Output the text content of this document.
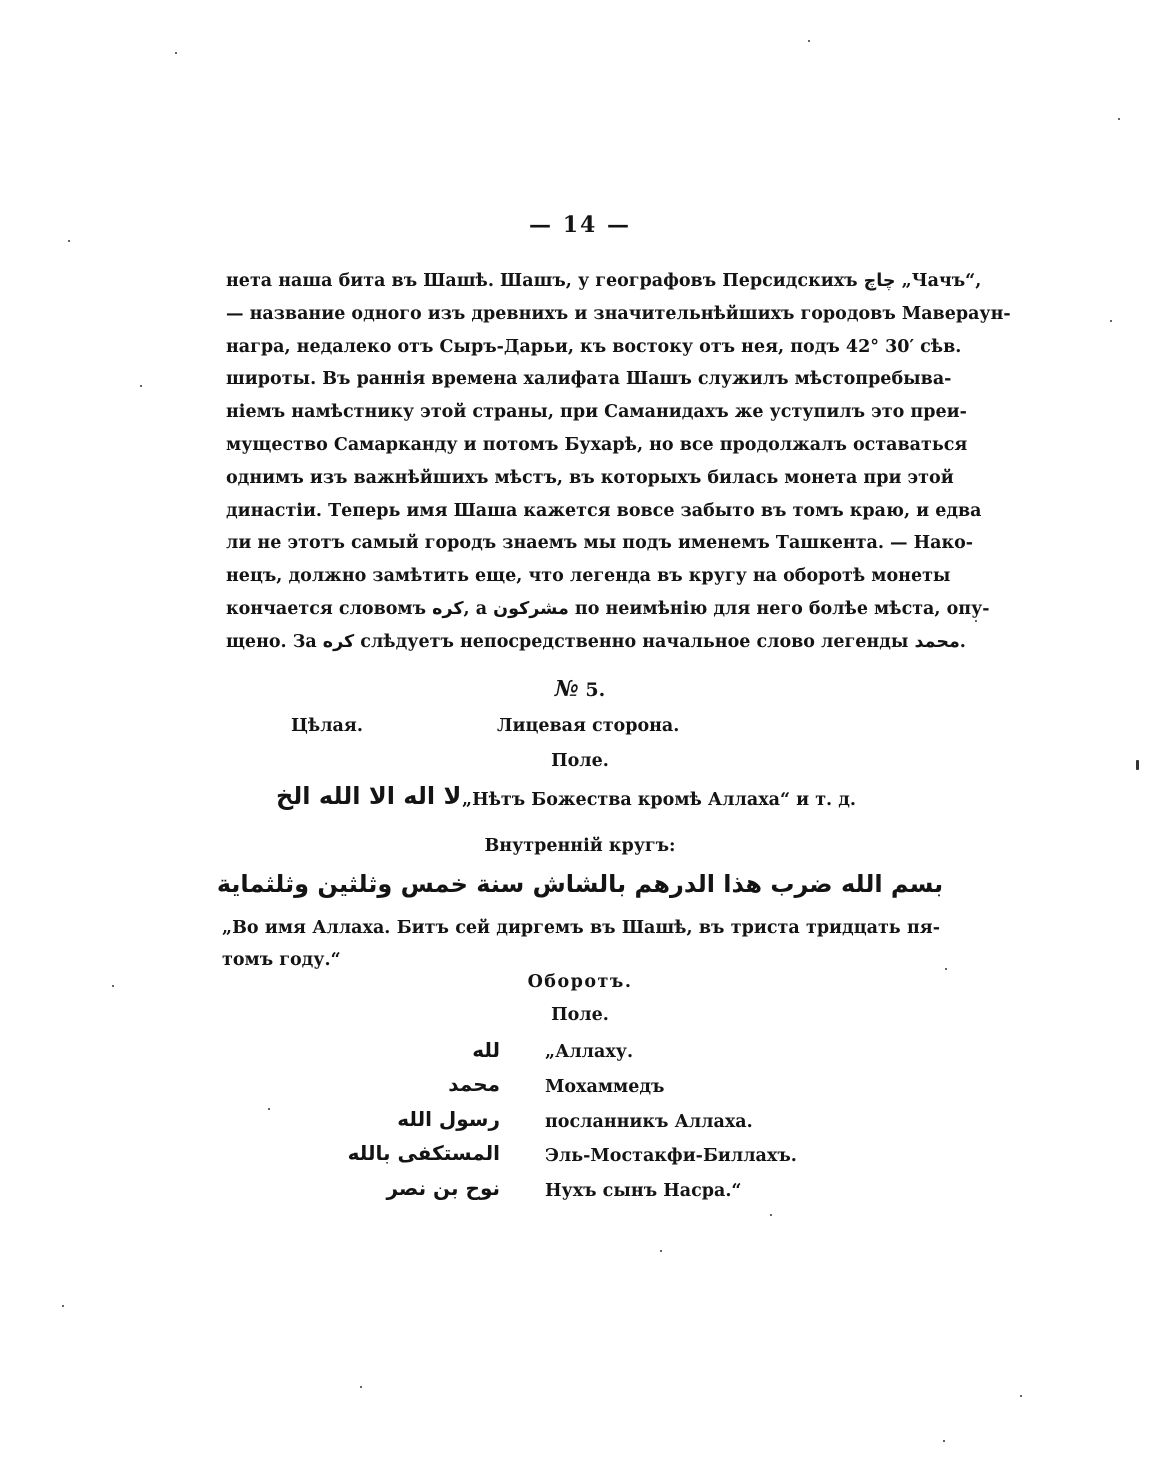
— 14 —
нета наша бита въ Шашѣ. Шашъ, у географовъ Персидскихъ چاچ „Чачъ“,
— название одного изъ древнихъ и значительнѣйшихъ городовъ Мавераун-
награ, недалеко отъ Сыръ-Дарьи, къ востоку отъ нея, подъ 42° 30′ сѣв.
широты. Въ раннія времена халифата Шашъ служилъ мѣстопребыва-
ніемъ намѣстнику этой страны, при Саманидахъ же уступилъ это преи-
мущество Самарканду и потомъ Бухарѣ, но все продолжалъ оставаться
однимъ изъ важнѣйшихъ мѣстъ, въ которыхъ билась монета при этой
династіи. Теперь имя Шаша кажется вовсе забыто въ томъ краю, и едва
ли не этотъ самый городъ знаемъ мы подъ именемъ Ташкента. — Нако-
нецъ, должно замѣтить еще, что легенда въ кругу на оборотѣ монеты
кончается словомъ كره, а مشركون по неимѣнію для него болѣе мѣста, опу-
щено. За كره слѣдуетъ непосредственно начальное слово легенды محمد.
№ 5.
Цѣлая.	Лицевая сторона.
Поле.
لا اله الا الله الخ „Нѣтъ Божества кромѣ Аллаха“ и т. д.
Внутренній кругъ:
بسم الله ضرب هذا الدرهم بالشاش سنة خمس وثلثين وثلثماية
„Во имя Аллаха. Битъ сей диргемъ въ Шашѣ, въ триста тридцать пя-
томъ году.“
Оборотъ.
Поле.
لله	„Аллаху.
محمد	Мохаммедъ
رسول الله	посланникъ Аллаха.
المستكفى بالله	Эль-Мостакфи-Биллахъ.
نوح بن نصر	Нухъ сынъ Насра.“
